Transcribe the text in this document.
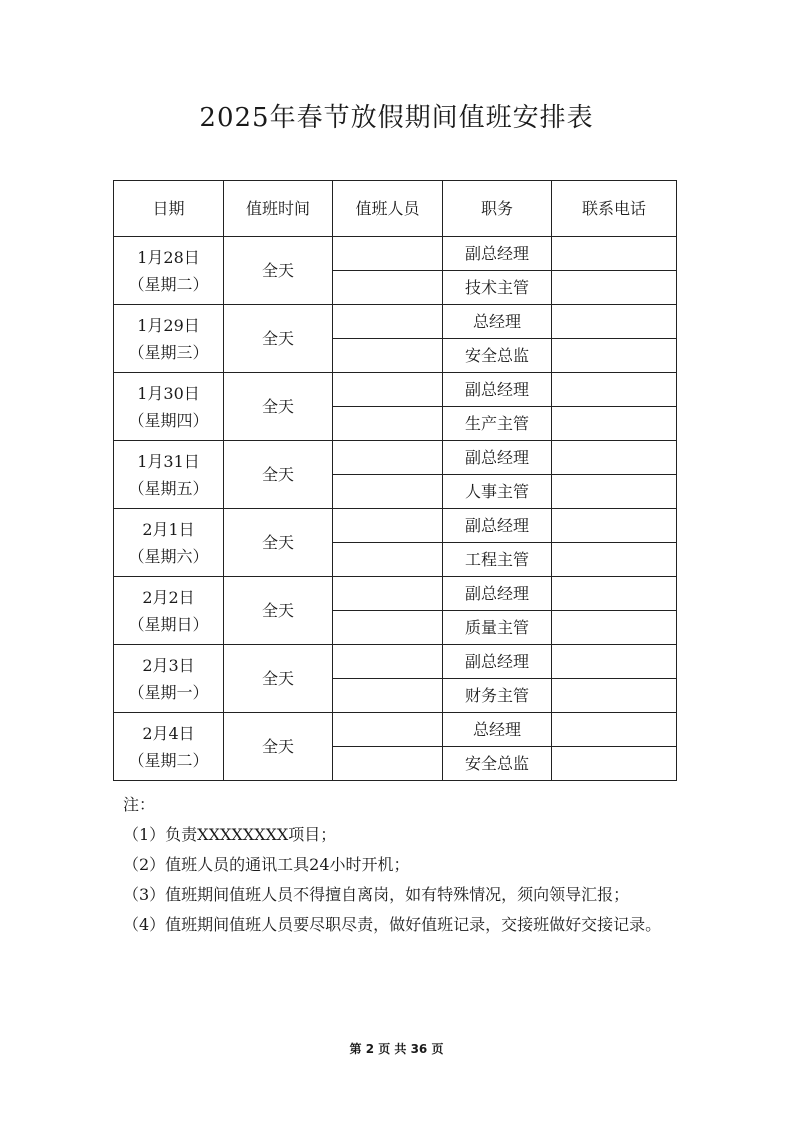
2025年春节放假期间值班安排表
日期	值班时间	值班人员	职务	联系电话

1月28日
（星期二）	全天		副总经理	
			技术主管	

1月29日
（星期三）	全天		总经理	
			安全总监	

1月30日
（星期四）	全天		副总经理	
			生产主管	

1月31日
（星期五）	全天		副总经理	
			人事主管	

2月1日
（星期六）	全天		副总经理	
			工程主管	

2月2日
（星期日）	全天		副总经理	
			质量主管	

2月3日
（星期一）	全天		副总经理	
			财务主管	

2月4日
（星期二）	全天		总经理	
			安全总监	

注：

（1）负责XXXXXXXX项目；

（2）值班人员的通讯工具24小时开机；

（3）值班期间值班人员不得擅自离岗，如有特殊情况，须向领导汇报；

（4）值班期间值班人员要尽职尽责，做好值班记录，交接班做好交接记录。

第 2 页 共 36 页
